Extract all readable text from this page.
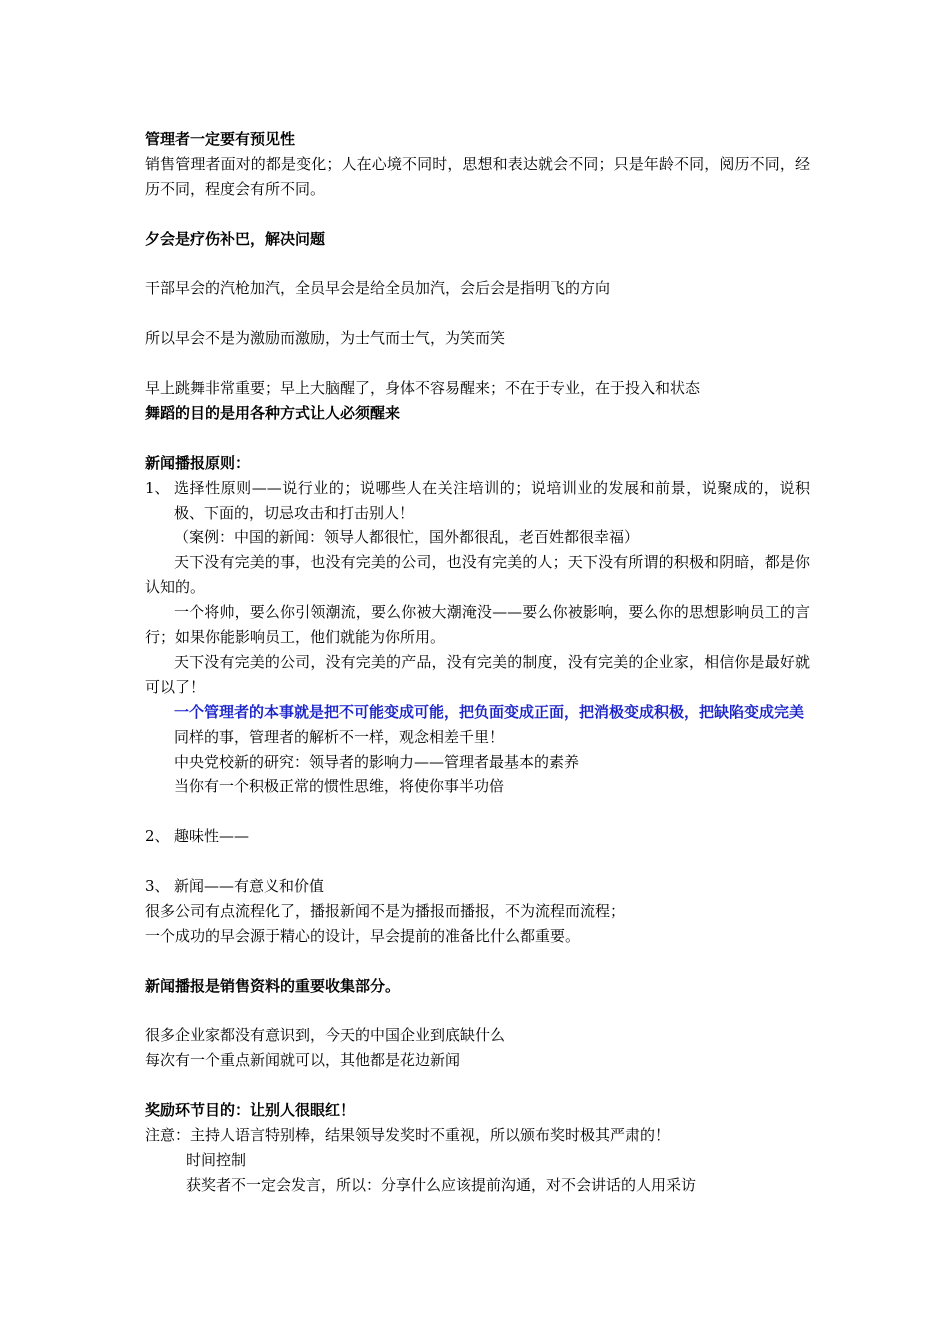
管理者一定要有预见性

销售管理者面对的都是变化；人在心境不同时，思想和表达就会不同；只是年龄不同，阅历不同，经历不同，程度会有所不同。

夕会是疗伤补巴，解决问题

干部早会的汽枪加汽，全员早会是给全员加汽，会后会是指明飞的方向

所以早会不是为激励而激励，为士气而士气，为笑而笑

早上跳舞非常重要；早上大脑醒了，身体不容易醒来；不在于专业，在于投入和状态

舞蹈的目的是用各种方式让人必须醒来

新闻播报原则：

1、 选择性原则——说行业的；说哪些人在关注培训的；说培训业的发展和前景，说聚成的，说积极、下面的，切忌攻击和打击别人！

（案例：中国的新闻：领导人都很忙，国外都很乱，老百姓都很幸福）

天下没有完美的事，也没有完美的公司，也没有完美的人；天下没有所谓的积极和阴暗，都是你认知的。

一个将帅，要么你引领潮流，要么你被大潮淹没——要么你被影响，要么你的思想影响员工的言行；如果你能影响员工，他们就能为你所用。

天下没有完美的公司，没有完美的产品，没有完美的制度，没有完美的企业家，相信你是最好就可以了！

一个管理者的本事就是把不可能变成可能，把负面变成正面，把消极变成积极，把缺陷变成完美

同样的事，管理者的解析不一样，观念相差千里！

中央党校新的研究：领导者的影响力——管理者最基本的素养

当你有一个积极正常的惯性思维，将使你事半功倍

2、 趣味性——
3、 新闻——有意义和价值

很多公司有点流程化了，播报新闻不是为播报而播报，不为流程而流程；

一个成功的早会源于精心的设计，早会提前的准备比什么都重要。

新闻播报是销售资料的重要收集部分。

很多企业家都没有意识到，今天的中国企业到底缺什么

每次有一个重点新闻就可以，其他都是花边新闻

奖励环节目的：让别人很眼红！

注意：主持人语言特别棒，结果领导发奖时不重视，所以颁布奖时极其严肃的！

时间控制

获奖者不一定会发言，所以：分享什么应该提前沟通，对不会讲话的人用采访
